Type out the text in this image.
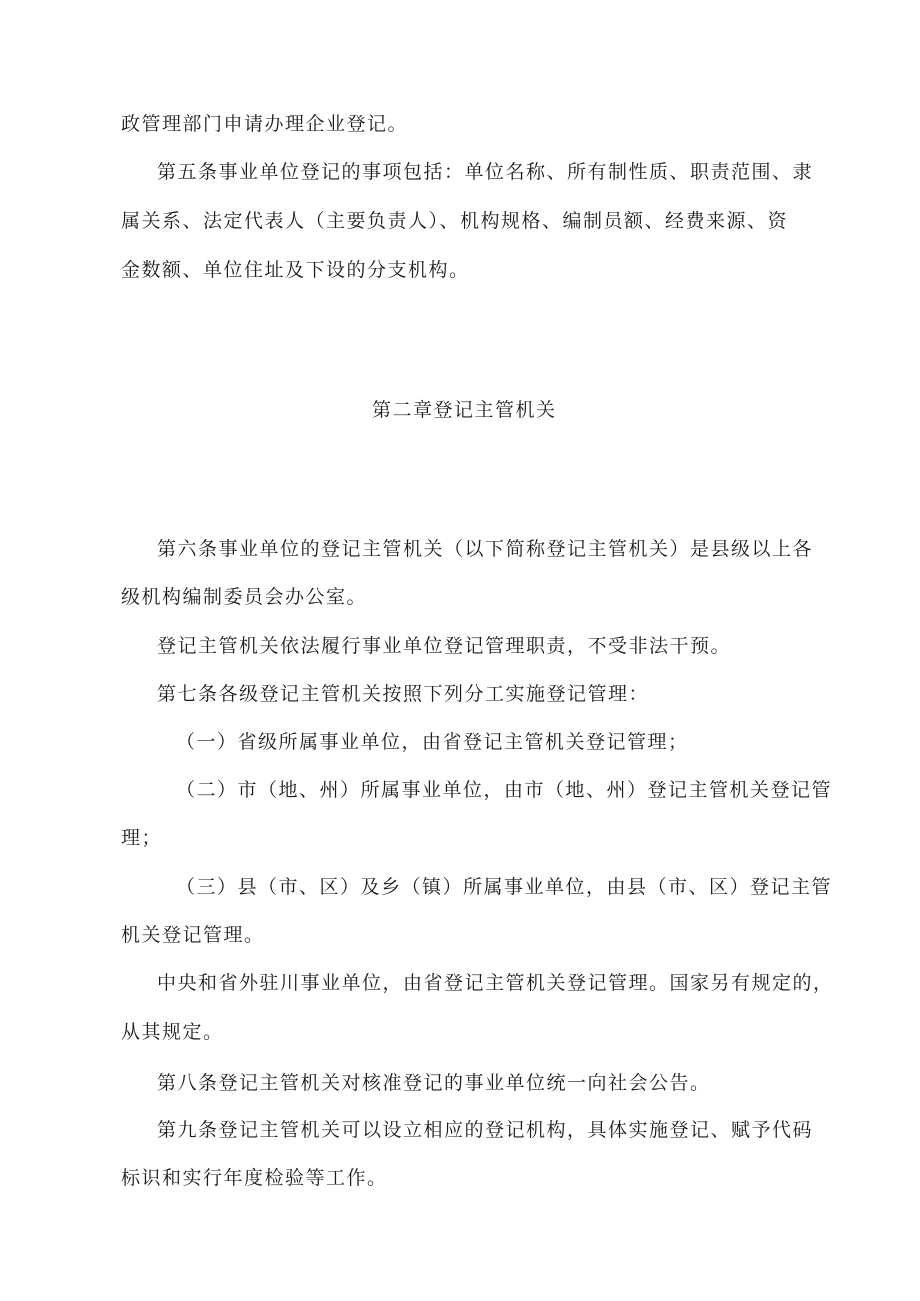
政管理部门申请办理企业登记。

第五条事业单位登记的事项包括：单位名称、所有制性质、职责范围、隶

属关系、法定代表人（主要负责人）、机构规格、编制员额、经费来源、资

金数额、单位住址及下设的分支机构。

第二章登记主管机关

第六条事业单位的登记主管机关（以下简称登记主管机关）是县级以上各

级机构编制委员会办公室。

登记主管机关依法履行事业单位登记管理职责，不受非法干预。

第七条各级登记主管机关按照下列分工实施登记管理：

（一）省级所属事业单位，由省登记主管机关登记管理；

（二）市（地、州）所属事业单位，由市（地、州）登记主管机关登记管

理；

（三）县（市、区）及乡（镇）所属事业单位，由县（市、区）登记主管

机关登记管理。

中央和省外驻川事业单位，由省登记主管机关登记管理。国家另有规定的，

从其规定。

第八条登记主管机关对核准登记的事业单位统一向社会公告。

第九条登记主管机关可以设立相应的登记机构，具体实施登记、赋予代码

标识和实行年度检验等工作。
